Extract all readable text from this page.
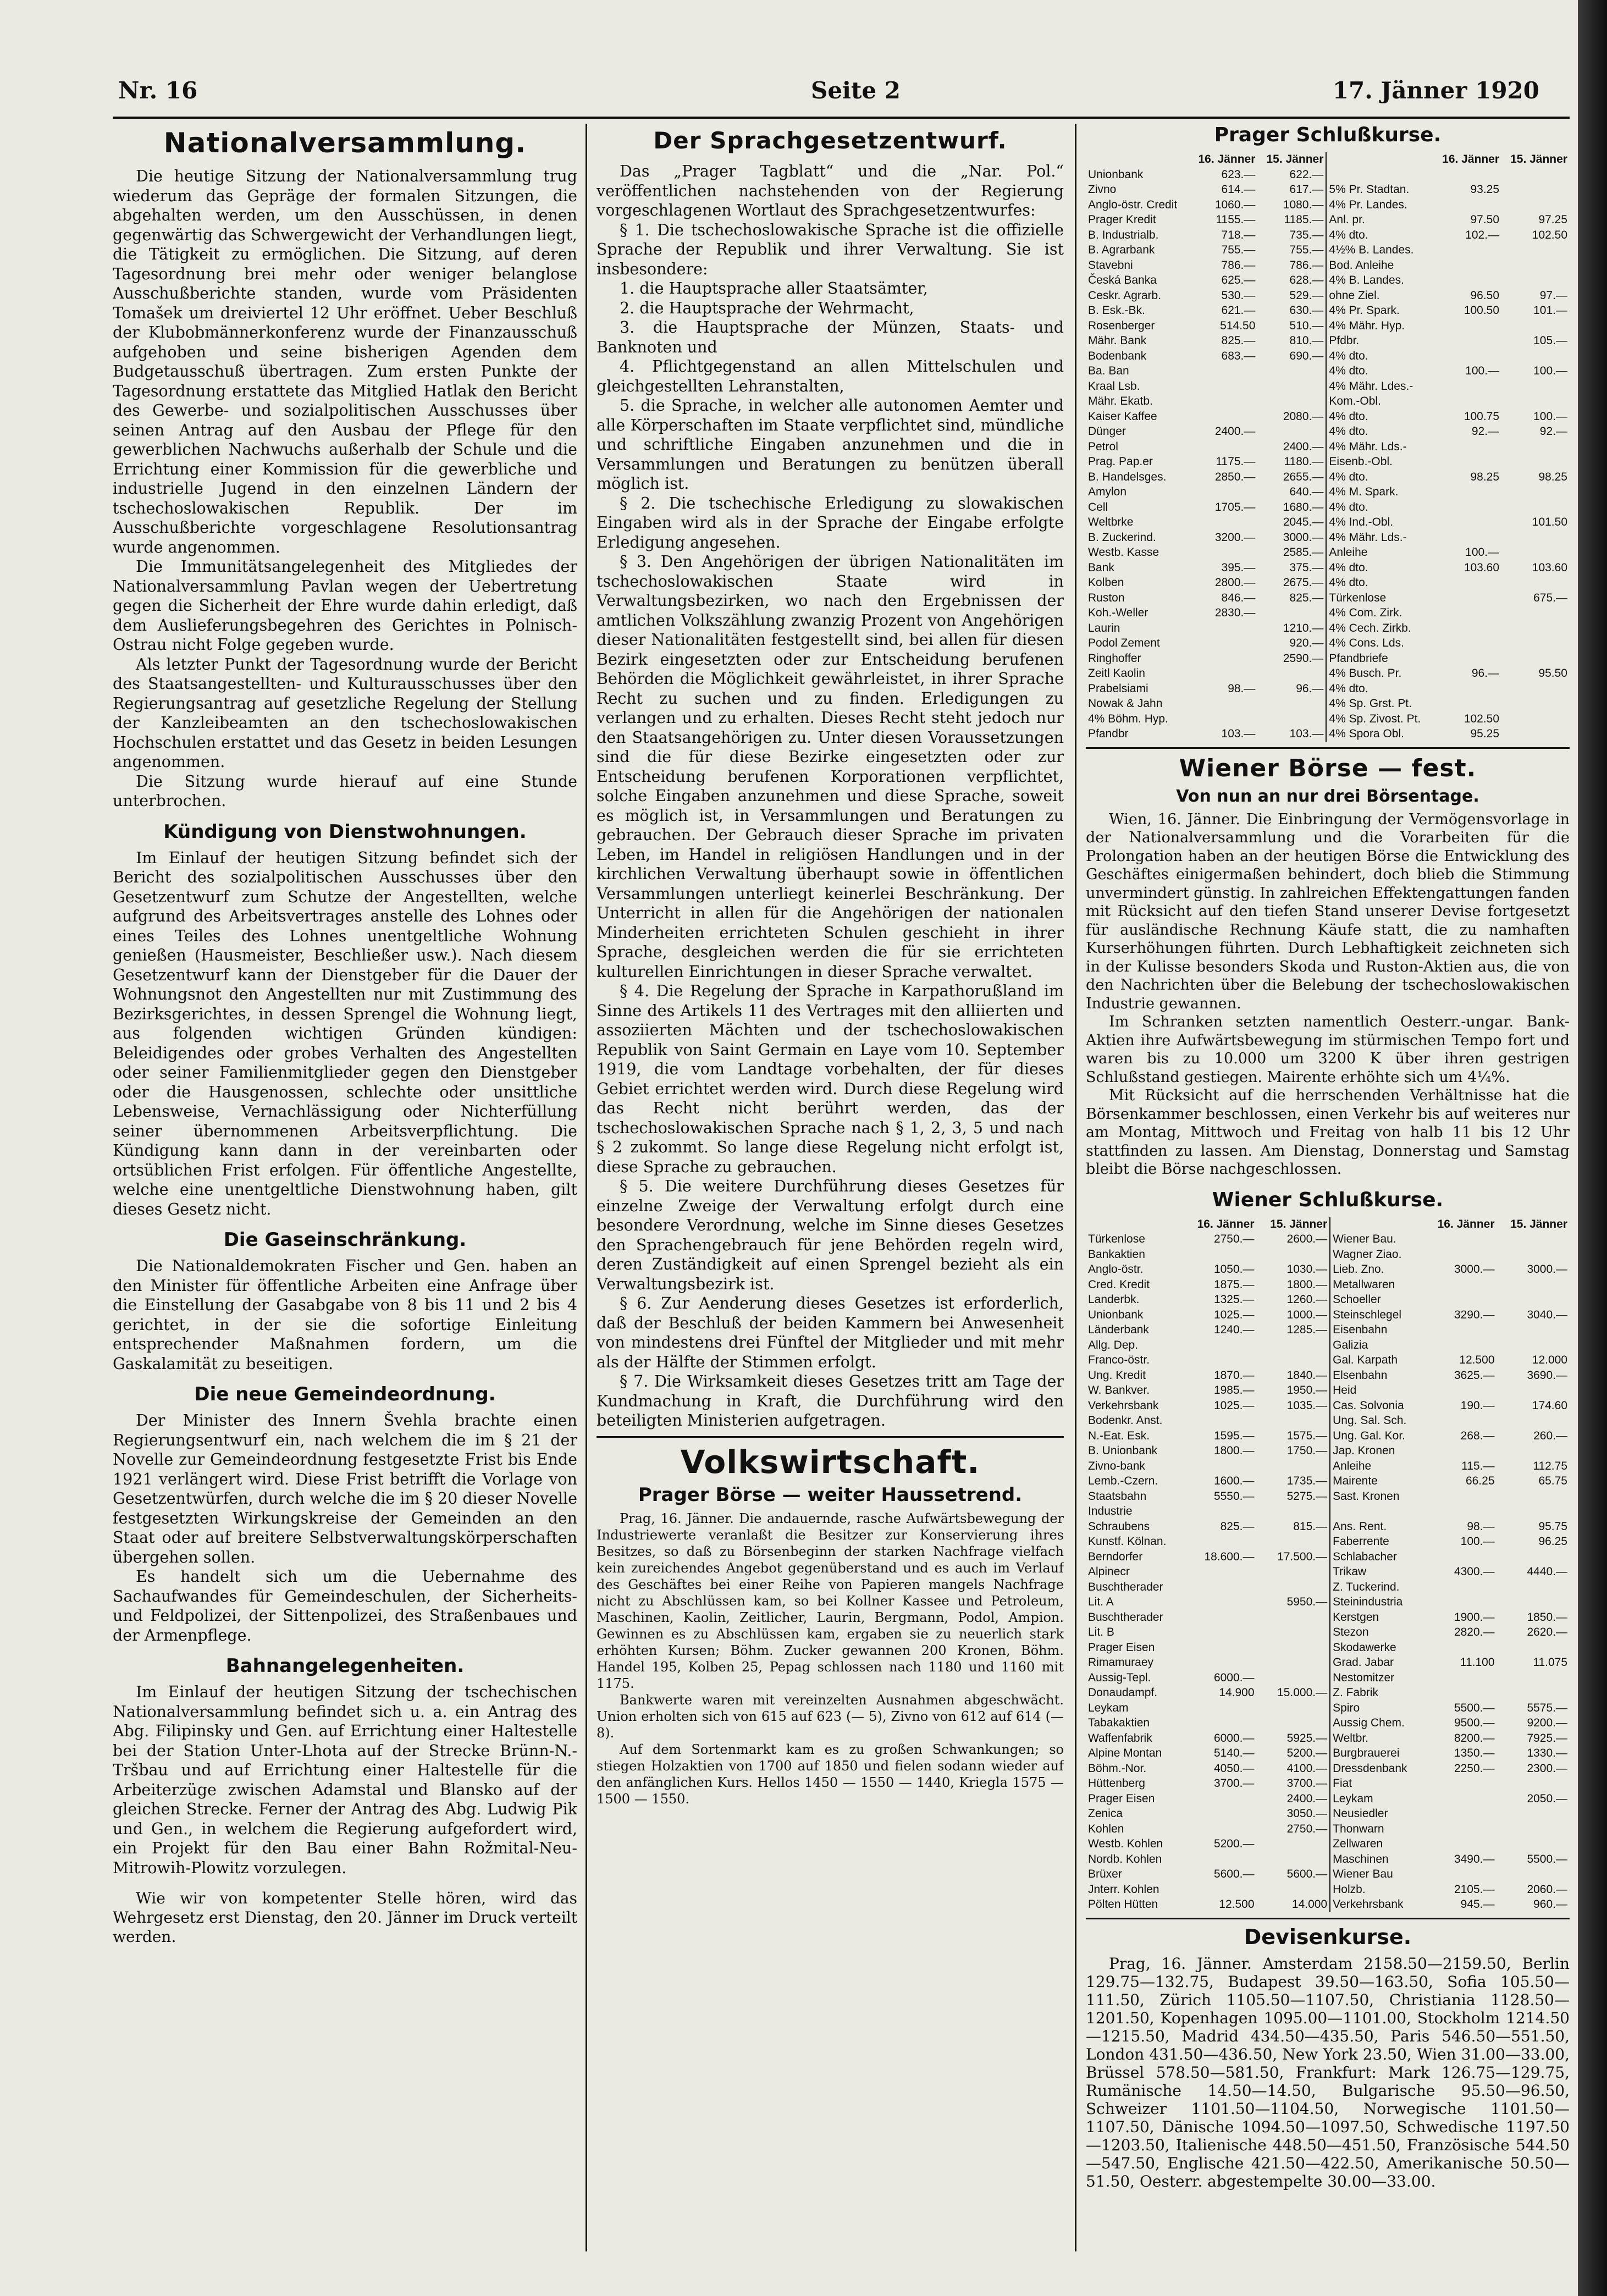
Nr. 16	Seite 2	17. Jänner 1920
Nationalversammlung.

Die heutige Sitzung der Nationalversammlung trug wiederum das Gepräge der formalen Sitzungen, die abgehalten werden, um den Ausschüssen, in denen gegenwärtig das Schwergewicht der Verhandlungen liegt, die Tätigkeit zu ermöglichen. Die Sitzung, auf deren Tagesordnung brei mehr oder weniger belanglose Ausschußberichte standen, wurde vom Präsidenten Tomašek um dreiviertel 12 Uhr eröffnet. Ueber Beschluß der Klubobmännerkonferenz wurde der Finanzausschuß aufgehoben und seine bisherigen Agenden dem Budgetausschuß übertragen. Zum ersten Punkte der Tagesordnung erstattete das Mitglied Hatlak den Bericht des Gewerbe- und sozialpolitischen Ausschusses über seinen Antrag auf den Ausbau der Pflege für den gewerblichen Nachwuchs außerhalb der Schule und die Errichtung einer Kommission für die gewerbliche und industrielle Jugend in den einzelnen Ländern der tschechoslowakischen Republik. Der im Ausschußberichte vorgeschlagene Resolutionsantrag wurde angenommen.

Die Immunitätsangelegenheit des Mitgliedes der Nationalversammlung Pavlan wegen der Uebertretung gegen die Sicherheit der Ehre wurde dahin erledigt, daß dem Auslieferungsbegehren des Gerichtes in Polnisch-Ostrau nicht Folge gegeben wurde.

Als letzter Punkt der Tagesordnung wurde der Bericht des Staatsangestellten- und Kulturausschusses über den Regierungsantrag auf gesetzliche Regelung der Stellung der Kanzleibeamten an den tschechoslowakischen Hochschulen erstattet und das Gesetz in beiden Lesungen angenommen.

Die Sitzung wurde hierauf auf eine Stunde unterbrochen.

Kündigung von Dienstwohnungen.

Im Einlauf der heutigen Sitzung befindet sich der Bericht des sozialpolitischen Ausschusses über den Gesetzentwurf zum Schutze der Angestellten, welche aufgrund des Arbeitsvertrages anstelle des Lohnes oder eines Teiles des Lohnes unentgeltliche Wohnung genießen (Hausmeister, Beschließer usw.). Nach diesem Gesetzentwurf kann der Dienstgeber für die Dauer der Wohnungsnot den Angestellten nur mit Zustimmung des Bezirksgerichtes, in dessen Sprengel die Wohnung liegt, aus folgenden wichtigen Gründen kündigen: Beleidigendes oder grobes Verhalten des Angestellten oder seiner Familienmitglieder gegen den Dienstgeber oder die Hausgenossen, schlechte oder unsittliche Lebensweise, Vernachlässigung oder Nichterfüllung seiner übernommenen Arbeitsverpflichtung. Die Kündigung kann dann in der vereinbarten oder ortsüblichen Frist erfolgen. Für öffentliche Angestellte, welche eine unentgeltliche Dienstwohnung haben, gilt dieses Gesetz nicht.

Die Gaseinschränkung.

Die Nationaldemokraten Fischer und Gen. haben an den Minister für öffentliche Arbeiten eine Anfrage über die Einstellung der Gasabgabe von 8 bis 11 und 2 bis 4 gerichtet, in der sie die sofortige Einleitung entsprechender Maßnahmen fordern, um die Gaskalamität zu beseitigen.

Die neue Gemeindeordnung.

Der Minister des Innern Švehla brachte einen Regierungsentwurf ein, nach welchem die im § 21 der Novelle zur Gemeindeordnung festgesetzte Frist bis Ende 1921 verlängert wird. Diese Frist betrifft die Vorlage von Gesetzentwürfen, durch welche die im § 20 dieser Novelle festgesetzten Wirkungskreise der Gemeinden an den Staat oder auf breitere Selbstverwaltungskörperschaften übergehen sollen.

Es handelt sich um die Uebernahme des Sachaufwandes für Gemeindeschulen, der Sicherheits- und Feldpolizei, der Sittenpolizei, des Straßenbaues und der Armenpflege.

Bahnangelegenheiten.

Im Einlauf der heutigen Sitzung der tschechischen Nationalversammlung befindet sich u. a. ein Antrag des Abg. Filipinsky und Gen. auf Errichtung einer Haltestelle bei der Station Unter-Lhota auf der Strecke Brünn-N.-Tršbau und auf Errichtung einer Haltestelle für die Arbeiterzüge zwischen Adamstal und Blansko auf der gleichen Strecke. Ferner der Antrag des Abg. Ludwig Pik und Gen., in welchem die Regierung aufgefordert wird, ein Projekt für den Bau einer Bahn Rožmital-Neu-Mitrowih-Plowitz vorzulegen.

Wie wir von kompetenter Stelle hören, wird das Wehrgesetz erst Dienstag, den 20. Jänner im Druck verteilt werden.

Der Sprachgesetzentwurf.

Das „Prager Tagblatt“ und die „Nar. Pol.“ veröffentlichen nachstehenden von der Regierung vorgeschlagenen Wortlaut des Sprachgesetzentwurfes:

§ 1. Die tschechoslowakische Sprache ist die offizielle Sprache der Republik und ihrer Verwaltung. Sie ist insbesondere:

1. die Hauptsprache aller Staatsämter,

2. die Hauptsprache der Wehrmacht,

3. die Hauptsprache der Münzen, Staats- und Banknoten und

4. Pflichtgegenstand an allen Mittelschulen und gleichgestellten Lehranstalten,

5. die Sprache, in welcher alle autonomen Aemter und alle Körperschaften im Staate verpflichtet sind, mündliche und schriftliche Eingaben anzunehmen und die in Versammlungen und Beratungen zu benützen überall möglich ist.

§ 2. Die tschechische Erledigung zu slowakischen Eingaben wird als in der Sprache der Eingabe erfolgte Erledigung angesehen.

§ 3. Den Angehörigen der übrigen Nationalitäten im tschechoslowakischen Staate wird in Verwaltungsbezirken, wo nach den Ergebnissen der amtlichen Volkszählung zwanzig Prozent von Angehörigen dieser Nationalitäten festgestellt sind, bei allen für diesen Bezirk eingesetzten oder zur Entscheidung berufenen Behörden die Möglichkeit gewährleistet, in ihrer Sprache Recht zu suchen und zu finden. Erledigungen zu verlangen und zu erhalten. Dieses Recht steht jedoch nur den Staatsangehörigen zu. Unter diesen Voraussetzungen sind die für diese Bezirke eingesetzten oder zur Entscheidung berufenen Korporationen verpflichtet, solche Eingaben anzunehmen und diese Sprache, soweit es möglich ist, in Versammlungen und Beratungen zu gebrauchen. Der Gebrauch dieser Sprache im privaten Leben, im Handel in religiösen Handlungen und in der kirchlichen Verwaltung überhaupt sowie in öffentlichen Versammlungen unterliegt keinerlei Beschränkung. Der Unterricht in allen für die Angehörigen der nationalen Minderheiten errichteten Schulen geschieht in ihrer Sprache, desgleichen werden die für sie errichteten kulturellen Einrichtungen in dieser Sprache verwaltet.

§ 4. Die Regelung der Sprache in Karpathorußland im Sinne des Artikels 11 des Vertrages mit den alliierten und assoziierten Mächten und der tschechoslowakischen Republik von Saint Germain en Laye vom 10. September 1919, die vom Landtage vorbehalten, der für dieses Gebiet errichtet werden wird. Durch diese Regelung wird das Recht nicht berührt werden, das der tschechoslowakischen Sprache nach § 1, 2, 3, 5 und nach § 2 zukommt. So lange diese Regelung nicht erfolgt ist, diese Sprache zu gebrauchen.

§ 5. Die weitere Durchführung dieses Gesetzes für einzelne Zweige der Verwaltung erfolgt durch eine besondere Verordnung, welche im Sinne dieses Gesetzes den Sprachengebrauch für jene Behörden regeln wird, deren Zuständigkeit auf einen Sprengel bezieht als ein Verwaltungsbezirk ist.

§ 6. Zur Aenderung dieses Gesetzes ist erforderlich, daß der Beschluß der beiden Kammern bei Anwesenheit von mindestens drei Fünftel der Mitglieder und mit mehr als der Hälfte der Stimmen erfolgt.

§ 7. Die Wirksamkeit dieses Gesetzes tritt am Tage der Kundmachung in Kraft, die Durchführung wird den beteiligten Ministerien aufgetragen.

Volkswirtschaft.
Prager Börse — weiter Haussetrend.

Prag, 16. Jänner. Die andauernde, rasche Aufwärtsbewegung der Industriewerte veranlaßt die Besitzer zur Konservierung ihres Besitzes, so daß zu Börsenbeginn der starken Nachfrage vielfach kein zureichendes Angebot gegenüberstand und es auch im Verlauf des Geschäftes bei einer Reihe von Papieren mangels Nachfrage nicht zu Abschlüssen kam, so bei Kollner Kassee und Petroleum, Maschinen, Kaolin, Zeitlicher, Laurin, Bergmann, Podol, Ampion. Gewinnen es zu Abschlüssen kam, ergaben sie zu neuerlich stark erhöhten Kursen; Böhm. Zucker gewannen 200 Kronen, Böhm. Handel 195, Kolben 25, Pepag schlossen nach 1180 und 1160 mit 1175.

Bankwerte waren mit vereinzelten Ausnahmen abgeschwächt. Union erholten sich von 615 auf 623 (— 5), Zivno von 612 auf 614 (— 8).

Auf dem Sortenmarkt kam es zu großen Schwankungen; so stiegen Holzaktien von 1700 auf 1850 und fielen sodann wieder auf den anfänglichen Kurs. Hellos 1450 — 1550 — 1440, Kriegla 1575 — 1500 — 1550.

Prager Schlußkurse.
	16. Jänner	15. Jänner		16. Jänner	15. Jänner
Unionbank	623.—	622.—			
Zivno	614.—	617.—	5% Pr. Stadtan.	93.25	
Anglo-östr. Credit	1060.—	1080.—	4% Pr. Landes.		
Prager Kredit	1155.—	1185.—	Anl. pr.	97.50	97.25
B. Industrialb.	718.—	735.—	4% dto.	102.—	102.50
B. Agrarbank	755.—	755.—	4½% B. Landes.		
Stavebni	786.—	786.—	Bod. Anleihe		
Česká Banka	625.—	628.—	4% B. Landes.		
Ceskr. Agrarb.	530.—	529.—	ohne Ziel.	96.50	97.—
B. Esk.-Bk.	621.—	630.—	4% Pr. Spark.	100.50	101.—
Rosenberger	514.50	510.—	4% Mähr. Hyp.		
Mähr. Bank	825.—	810.—	Pfdbr.		105.—
Bodenbank	683.—	690.—	4% dto.		
Ba. Ban			4% dto.	100.—	100.—
Kraal Lsb.			4% Mähr. Ldes.-		
Mähr. Ekatb.			Kom.-Obl.		
Kaiser Kaffee		2080.—	4% dto.	100.75	100.—
Dünger	2400.—		4% dto.	92.—	92.—
Petrol		2400.—	4% Mähr. Lds.-		
Prag. Pap.er	1175.—	1180.—	Eisenb.-Obl.		
B. Handelsges.	2850.—	2655.—	4% dto.	98.25	98.25
Amylon		640.—	4% M. Spark.		
Cell	1705.—	1680.—	4% dto.		
Weltbrke		2045.—	4% Ind.-Obl.		101.50
B. Zuckerind.	3200.—	3000.—	4% Mähr. Lds.-		
Westb. Kasse		2585.—	Anleihe	100.—	
Bank	395.—	375.—	4% dto.	103.60	103.60
Kolben	2800.—	2675.—	4% dto.		
Ruston	846.—	825.—	Türkenlose		675.—
Koh.-Weller	2830.—		4% Com. Zirk.		
Laurin		1210.—	4% Cech. Zirkb.		
Podol Zement		920.—	4% Cons. Lds.		
Ringhoffer		2590.—	Pfandbriefe		
Zeitl Kaolin			4% Busch. Pr.	96.—	95.50
Prabelsiami	98.—	96.—	4% dto.		
Nowak & Jahn			4% Sp. Grst. Pt.		
4% Böhm. Hyp.			4% Sp. Zivost. Pt.	102.50	
Pfandbr	103.—	103.—	4% Spora Obl.	95.25	
Wiener Börse — fest.
Von nun an nur drei Börsentage.

Wien, 16. Jänner. Die Einbringung der Vermögensvorlage in der Nationalversammlung und die Vorarbeiten für die Prolongation haben an der heutigen Börse die Entwicklung des Geschäftes einigermaßen behindert, doch blieb die Stimmung unvermindert günstig. In zahlreichen Effektengattungen fanden mit Rücksicht auf den tiefen Stand unserer Devise fortgesetzt für ausländische Rechnung Käufe statt, die zu namhaften Kurserhöhungen führten. Durch Lebhaftigkeit zeichneten sich in der Kulisse besonders Skoda und Ruston-Aktien aus, die von den Nachrichten über die Belebung der tschechoslowakischen Industrie gewannen.

Im Schranken setzten namentlich Oesterr.-ungar. Bank-Aktien ihre Aufwärtsbewegung im stürmischen Tempo fort und waren bis zu 10.000 um 3200 K über ihren gestrigen Schlußstand gestiegen. Mairente erhöhte sich um 4¼%.

Mit Rücksicht auf die herrschenden Verhältnisse hat die Börsenkammer beschlossen, einen Verkehr bis auf weiteres nur am Montag, Mittwoch und Freitag von halb 11 bis 12 Uhr stattfinden zu lassen. Am Dienstag, Donnerstag und Samstag bleibt die Börse nachgeschlossen.

Wiener Schlußkurse.
	16. Jänner	15. Jänner		16. Jänner	15. Jänner
Türkenlose	2750.—	2600.—	Wiener Bau.		
Bankaktien			Wagner Ziao.		
Anglo-östr.	1050.—	1030.—	Lieb. Zno.	3000.—	3000.—
Cred. Kredit	1875.—	1800.—	Metallwaren		
Landerbk.	1325.—	1260.—	Schoeller		
Unionbank	1025.—	1000.—	Steinschlegel	3290.—	3040.—
Länderbank	1240.—	1285.—	Eisenbahn		
Allg. Dep.			Galizia		
Franco-östr.			Gal. Karpath	12.500	12.000
Ung. Kredit	1870.—	1840.—	Elsenbahn	3625.—	3690.—
W. Bankver.	1985.—	1950.—	Heid		
Verkehrsbank	1025.—	1035.—	Cas. Solvonia	190.—	174.60
Bodenkr. Anst.			Ung. Sal. Sch.		
N.-Eat. Esk.	1595.—	1575.—	Ung. Gal. Kor.	268.—	260.—
B. Unionbank	1800.—	1750.—	Jap. Kronen		
Zivno-bank			Anleihe	115.—	112.75
Lemb.-Czern.	1600.—	1735.—	Mairente	66.25	65.75
Staatsbahn	5550.—	5275.—	Sast. Kronen		
Industrie					
Schraubens	825.—	815.—	Ans. Rent.	98.—	95.75
Kunstf. Kölnan.			Faberrente	100.—	96.25
Berndorfer	18.600.—	17.500.—	Schlabacher		
Alpinecr			Trikaw	4300.—	4440.—
Buschtherader			Z. Tuckerind.		
Lit. A		5950.—	Steinindustria		
Buschtherader			Kerstgen	1900.—	1850.—
Lit. B			Stezon	2820.—	2620.—
Prager Eisen			Skodawerke		
Rimamuraey			Grad. Jabar	11.100	11.075
Aussig-Tepl.	6000.—		Nestomitzer		
Donaudampf.	14.900	15.000.—	Z. Fabrik		
Leykam			Spiro	5500.—	5575.—
Tabakaktien			Aussig Chem.	9500.—	9200.—
Waffenfabrik	6000.—	5925.—	Weltbr.	8200.—	7925.—
Alpine Montan	5140.—	5200.—	Burgbrauerei	1350.—	1330.—
Böhm.-Nor.	4050.—	4100.—	Dressdenbank	2250.—	2300.—
Hüttenberg	3700.—	3700.—	Fiat		
Prager Eisen		2400.—	Leykam		2050.—
Zenica		3050.—	Neusiedler		
Kohlen		2750.—	Thonwarn		
Westb. Kohlen	5200.—		Zellwaren		
Nordb. Kohlen			Maschinen	3490.—	5500.—
Brüxer	5600.—	5600.—	Wiener Bau		
Jnterr. Kohlen			Holzb.	2105.—	2060.—
Pölten Hütten	12.500	14.000	Verkehrsbank	945.—	960.—
Devisenkurse.

Prag, 16. Jänner. Amsterdam 2158.50—2159.50, Berlin 129.75—132.75, Budapest 39.50—163.50, Sofia 105.50—111.50, Zürich 1105.50—1107.50, Christiania 1128.50—1201.50, Kopenhagen 1095.00—1101.00, Stockholm 1214.50—1215.50, Madrid 434.50—435.50, Paris 546.50—551.50, London 431.50—436.50, New York 23.50, Wien 31.00—33.00, Brüssel 578.50—581.50, Frankfurt: Mark 126.75—129.75, Rumänische 14.50—14.50, Bulgarische 95.50—96.50, Schweizer 1101.50—1104.50, Norwegische 1101.50—1107.50, Dänische 1094.50—1097.50, Schwedische 1197.50—1203.50, Italienische 448.50—451.50, Französische 544.50—547.50, Englische 421.50—422.50, Amerikanische 50.50—51.50, Oesterr. abgestempelte 30.00—33.00.
